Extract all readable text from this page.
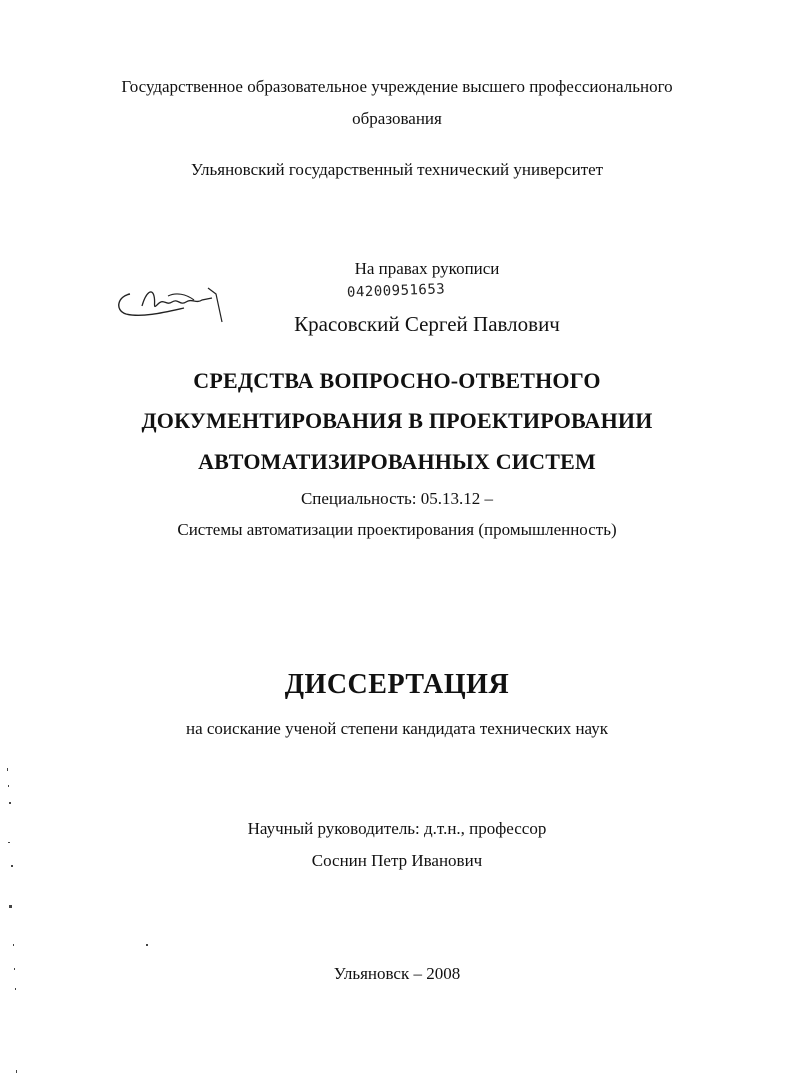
Государственное образовательное учреждение высшего профессионального
образования
Ульяновский государственный технический университет
На правах рукописи
04200951653
Красовский Сергей Павлович
СРЕДСТВА ВОПРОСНО-ОТВЕТНОГО
ДОКУМЕНТИРОВАНИЯ В ПРОЕКТИРОВАНИИ
АВТОМАТИЗИРОВАННЫХ СИСТЕМ
Специальность: 05.13.12 –
Системы автоматизации проектирования (промышленность)
ДИССЕРТАЦИЯ
на соискание ученой степени кандидата технических наук
Научный руководитель: д.т.н., профессор
Соснин Петр Иванович
Ульяновск – 2008
